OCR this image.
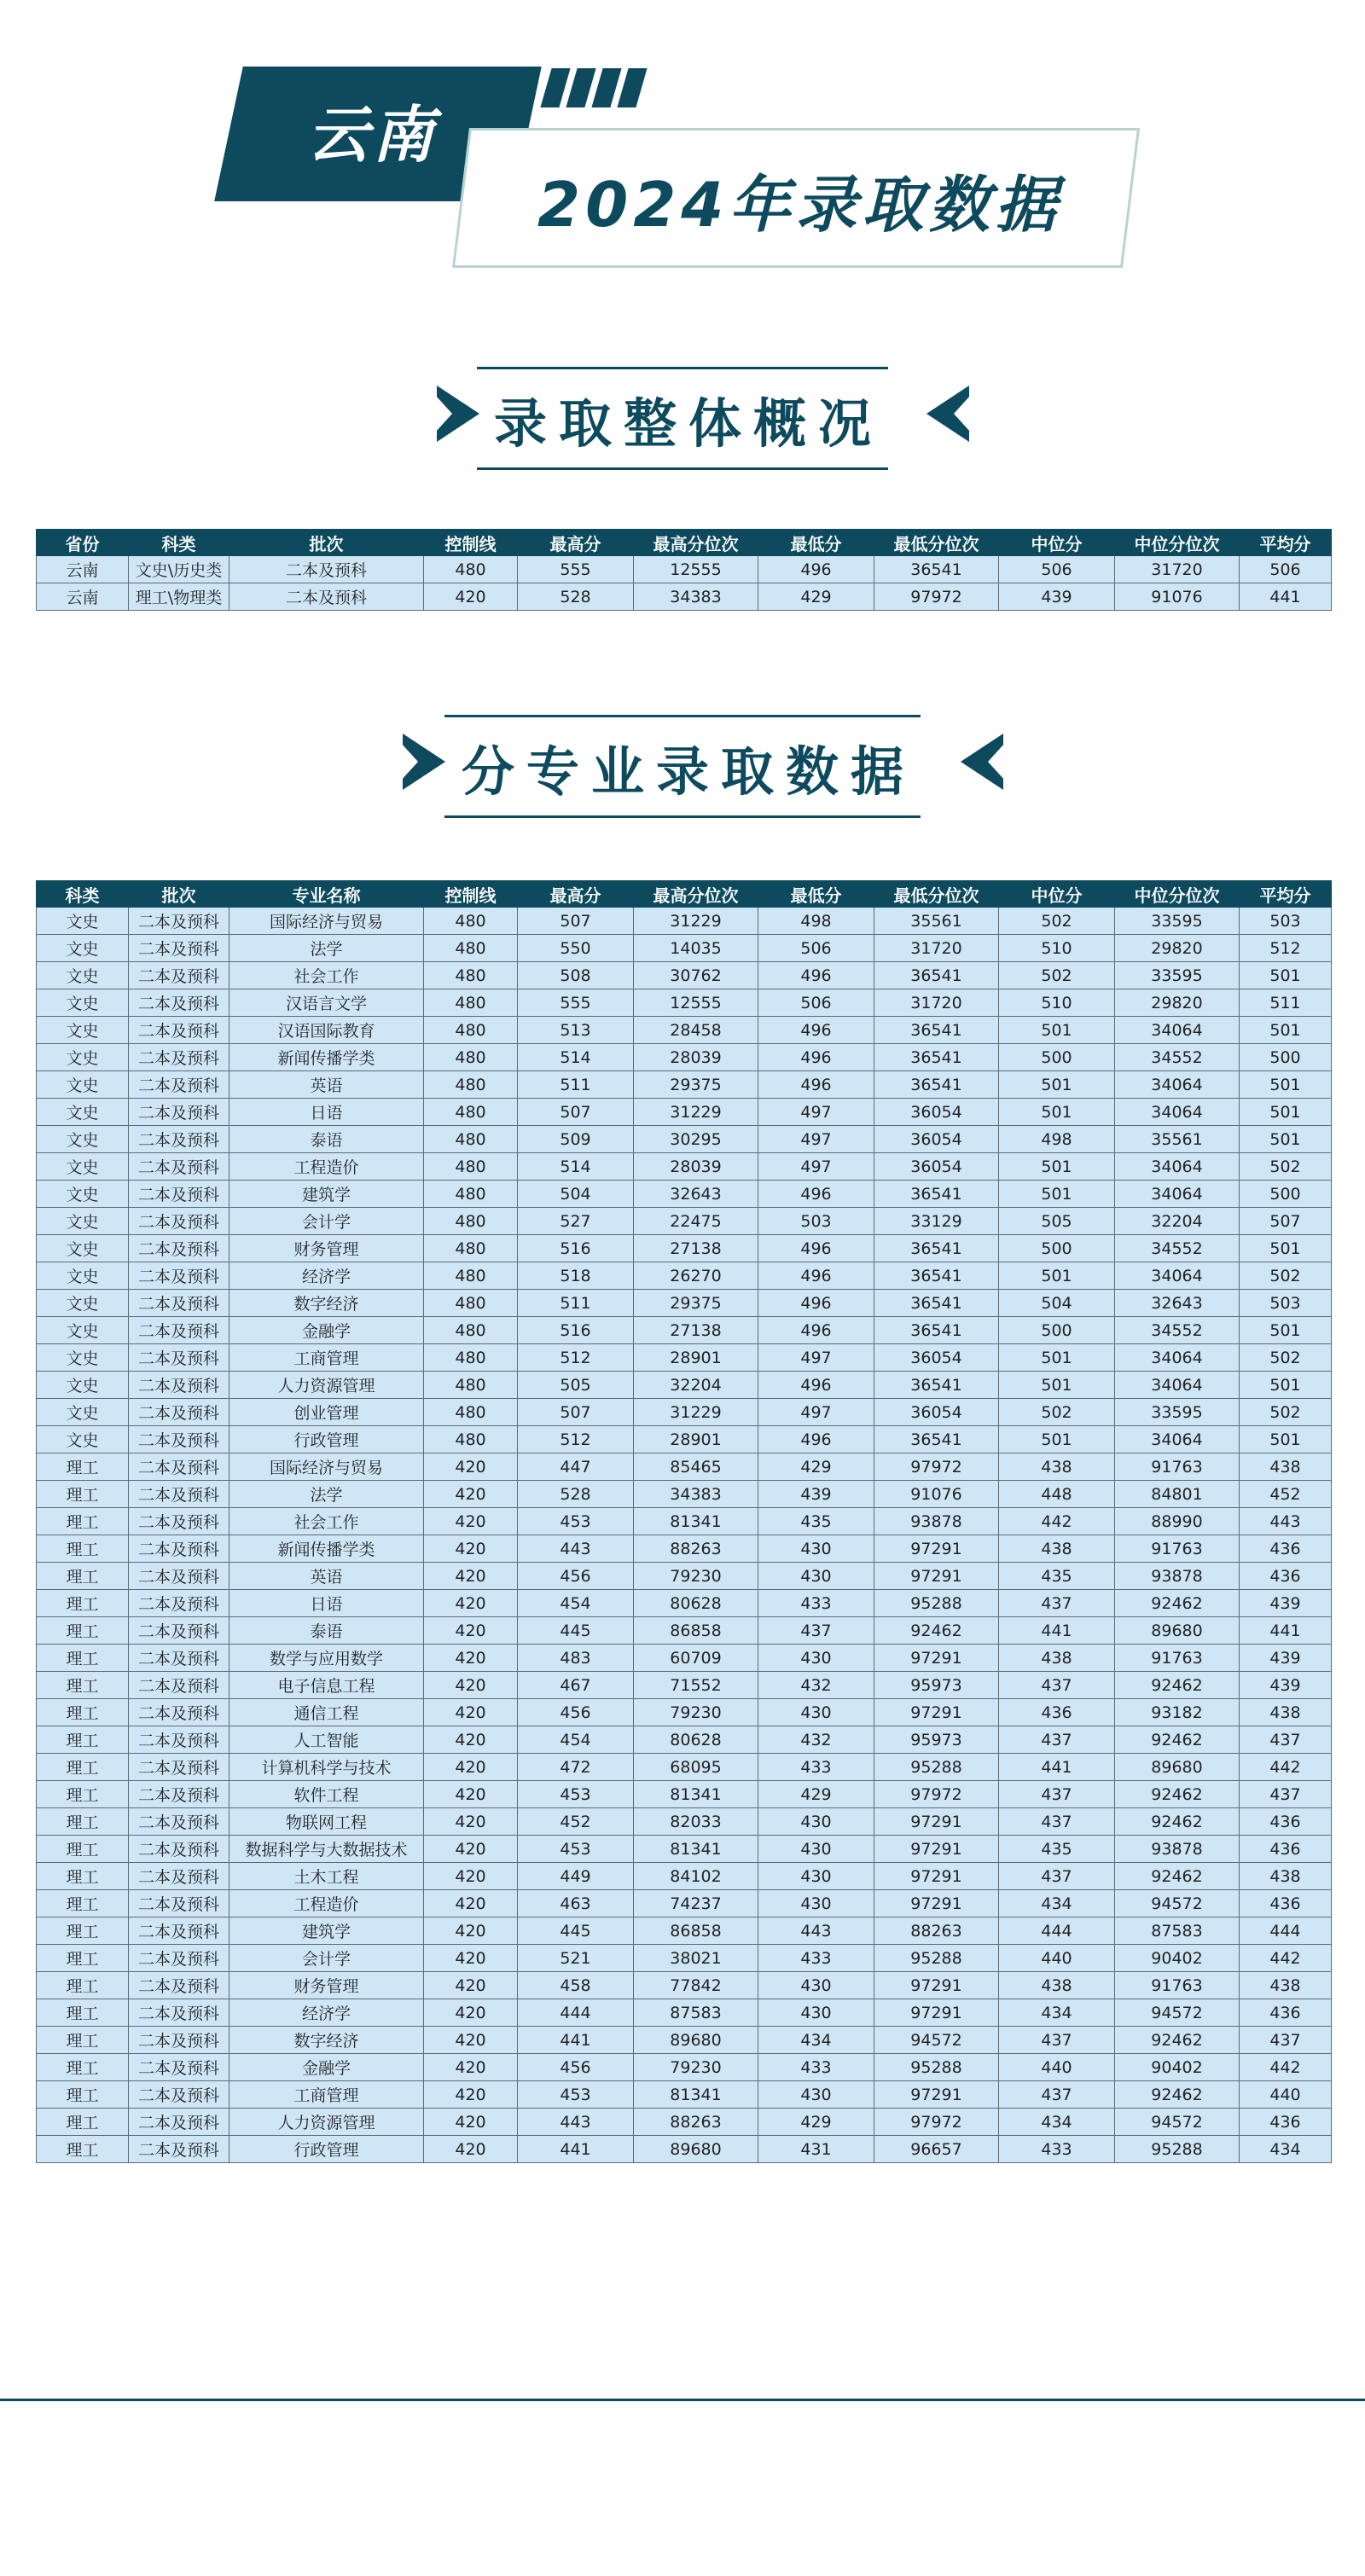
云南
2024年录取数据
录取整体概况
省份	科类	批次	控制线	最高分	最高分位次	最低分	最低分位次	中位分	中位分位次	平均分
云南	文史\历史类	二本及预科	480	555	12555	496	36541	506	31720	506
云南	理工\物理类	二本及预科	420	528	34383	429	97972	439	91076	441
分专业录取数据
科类	批次	专业名称	控制线	最高分	最高分位次	最低分	最低分位次	中位分	中位分位次	平均分
文史	二本及预科	国际经济与贸易	480	507	31229	498	35561	502	33595	503
文史	二本及预科	法学	480	550	14035	506	31720	510	29820	512
文史	二本及预科	社会工作	480	508	30762	496	36541	502	33595	501
文史	二本及预科	汉语言文学	480	555	12555	506	31720	510	29820	511
文史	二本及预科	汉语国际教育	480	513	28458	496	36541	501	34064	501
文史	二本及预科	新闻传播学类	480	514	28039	496	36541	500	34552	500
文史	二本及预科	英语	480	511	29375	496	36541	501	34064	501
文史	二本及预科	日语	480	507	31229	497	36054	501	34064	501
文史	二本及预科	泰语	480	509	30295	497	36054	498	35561	501
文史	二本及预科	工程造价	480	514	28039	497	36054	501	34064	502
文史	二本及预科	建筑学	480	504	32643	496	36541	501	34064	500
文史	二本及预科	会计学	480	527	22475	503	33129	505	32204	507
文史	二本及预科	财务管理	480	516	27138	496	36541	500	34552	501
文史	二本及预科	经济学	480	518	26270	496	36541	501	34064	502
文史	二本及预科	数字经济	480	511	29375	496	36541	504	32643	503
文史	二本及预科	金融学	480	516	27138	496	36541	500	34552	501
文史	二本及预科	工商管理	480	512	28901	497	36054	501	34064	502
文史	二本及预科	人力资源管理	480	505	32204	496	36541	501	34064	501
文史	二本及预科	创业管理	480	507	31229	497	36054	502	33595	502
文史	二本及预科	行政管理	480	512	28901	496	36541	501	34064	501
理工	二本及预科	国际经济与贸易	420	447	85465	429	97972	438	91763	438
理工	二本及预科	法学	420	528	34383	439	91076	448	84801	452
理工	二本及预科	社会工作	420	453	81341	435	93878	442	88990	443
理工	二本及预科	新闻传播学类	420	443	88263	430	97291	438	91763	436
理工	二本及预科	英语	420	456	79230	430	97291	435	93878	436
理工	二本及预科	日语	420	454	80628	433	95288	437	92462	439
理工	二本及预科	泰语	420	445	86858	437	92462	441	89680	441
理工	二本及预科	数学与应用数学	420	483	60709	430	97291	438	91763	439
理工	二本及预科	电子信息工程	420	467	71552	432	95973	437	92462	439
理工	二本及预科	通信工程	420	456	79230	430	97291	436	93182	438
理工	二本及预科	人工智能	420	454	80628	432	95973	437	92462	437
理工	二本及预科	计算机科学与技术	420	472	68095	433	95288	441	89680	442
理工	二本及预科	软件工程	420	453	81341	429	97972	437	92462	437
理工	二本及预科	物联网工程	420	452	82033	430	97291	437	92462	436
理工	二本及预科	数据科学与大数据技术	420	453	81341	430	97291	435	93878	436
理工	二本及预科	土木工程	420	449	84102	430	97291	437	92462	438
理工	二本及预科	工程造价	420	463	74237	430	97291	434	94572	436
理工	二本及预科	建筑学	420	445	86858	443	88263	444	87583	444
理工	二本及预科	会计学	420	521	38021	433	95288	440	90402	442
理工	二本及预科	财务管理	420	458	77842	430	97291	438	91763	438
理工	二本及预科	经济学	420	444	87583	430	97291	434	94572	436
理工	二本及预科	数字经济	420	441	89680	434	94572	437	92462	437
理工	二本及预科	金融学	420	456	79230	433	95288	440	90402	442
理工	二本及预科	工商管理	420	453	81341	430	97291	437	92462	440
理工	二本及预科	人力资源管理	420	443	88263	429	97972	434	94572	436
理工	二本及预科	行政管理	420	441	89680	431	96657	433	95288	434
